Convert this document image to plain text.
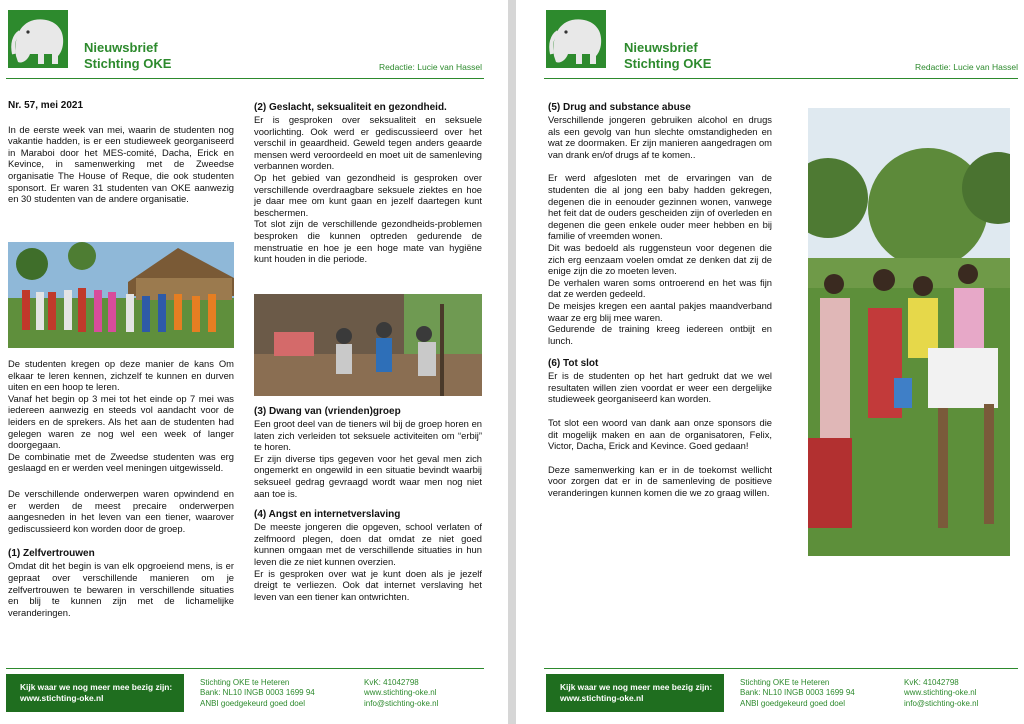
Nieuwsbrief
Stichting OKE	Redactie: Lucie van Hassel

Nr. 57, mei 2021

In de eerste week van mei, waarin de studenten nog vakantie hadden, is er een studieweek georganiseerd in Maraboi door het MES-comité, Dacha, Erick en Kevince, in samenwerking met de Zweedse organisatie The House of Reque, die ook studenten sponsort. Er waren 31 studenten van OKE aanwezig en 30 studenten van de andere organisatie.

De studenten kregen op deze manier de kans Om elkaar te leren kennen, zichzelf te kunnen en durven uiten en een hoop te leren.

Vanaf het begin op 3 mei tot het einde op 7 mei was iedereen aanwezig en steeds vol aandacht voor de leiders en de sprekers. Als het aan de studenten had gelegen waren ze nog wel een week of langer doorgegaan.

De combinatie met de Zweedse studenten was erg geslaagd en er werden veel meningen uitgewisseld.

De verschillende onderwerpen waren opwindend en er werden de meest precaire onderwerpen aangesneden in het leven van een tiener, waarover gediscussieerd kon worden door de groep.

(1) Zelfvertrouwen

Omdat dit het begin is van elk opgroeiend mens, is er gepraat over verschillende manieren om je zelfvertrouwen te bewaren in verschillende situaties en blij te kunnen zijn met de lichamelijke veranderingen.

(2) Geslacht, seksualiteit en gezondheid.

Er is gesproken over seksualiteit en seksuele voorlichting. Ook werd er gediscussieerd over het verschil in geaardheid. Geweld tegen anders geaarde mensen werd veroordeeld en moet uit de samenleving verbannen worden.

Op het gebied van gezondheid is gesproken over verschillende overdraagbare seksuele ziektes en hoe je daar mee om kunt gaan en jezelf daartegen kunt beschermen.

Tot slot zijn de verschillende gezondheids-problemen besproken die kunnen optreden gedurende de menstruatie en hoe je een hoge mate van hygiëne kunt houden in die periode.

(3) Dwang van (vrienden)groep

Een groot deel van de tieners wil bij de groep horen en laten zich verleiden tot seksuele activiteiten om “erbij” te horen.

Er zijn diverse tips gegeven voor het geval men zich ongemerkt en ongewild in een situatie bevindt waarbij seksueel gedrag gevraagd wordt waar men nog niet aan toe is.

(4) Angst en internetverslaving

De meeste jongeren die opgeven, school verlaten of zelfmoord plegen, doen dat omdat ze niet goed kunnen omgaan met de verschillende situaties in hun leven die ze niet kunnen overzien.

Er is gesproken over wat je kunt doen als je jezelf dreigt te verliezen. Ook dat internet verslaving het leven van een tiener kan ontwrichten.

Kijk waar we nog meer mee bezig zijn:
www.stichting-oke.nl
Stichting OKE te Heteren
Bank: NL10 INGB 0003 1699 94
ANBI goedgekeurd goed doel
KvK: 41042798
www.stichting-oke.nl
info@stichting-oke.nl
Nieuwsbrief
Stichting OKE	Redactie: Lucie van Hassel
(5) Drug and substance abuse

Verschillende jongeren gebruiken alcohol en drugs als een gevolg van hun slechte omstandigheden en wat ze doormaken. Er zijn manieren aangedragen om van drank en/of drugs af te komen..

Er werd afgesloten met de ervaringen van de studenten die al jong een baby hadden gekregen, degenen die in eenouder gezinnen wonen, vanwege het feit dat de ouders gescheiden zijn of overleden en degenen die geen enkele ouder meer hebben en bij familie of vreemden wonen.

Dit was bedoeld als ruggensteun voor degenen die zich erg eenzaam voelen omdat ze denken dat zij de enige zijn die zo moeten leven.

De verhalen waren soms ontroerend en het was fijn dat ze werden gedeeld.

De meisjes kregen een aantal pakjes maandverband waar ze erg blij mee waren.

Gedurende de training kreeg iedereen ontbijt en lunch.

(6) Tot slot

Er is de studenten op het hart gedrukt dat we wel resultaten willen zien voordat er weer een dergelijke studieweek georganiseerd kan worden.

Tot slot een woord van dank aan onze sponsors die dit mogelijk maken en aan de organisatoren, Felix, Victor, Dacha, Erick and Kevince. Goed gedaan!

Deze samenwerking kan er in de toekomst wellicht voor zorgen dat er in de samenleving de positieve veranderingen kunnen komen die we zo graag willen.

Kijk waar we nog meer mee bezig zijn:
www.stichting-oke.nl
Stichting OKE te Heteren
Bank: NL10 INGB 0003 1699 94
ANBI goedgekeurd goed doel
KvK: 41042798
www.stichting-oke.nl
info@stichting-oke.nl
